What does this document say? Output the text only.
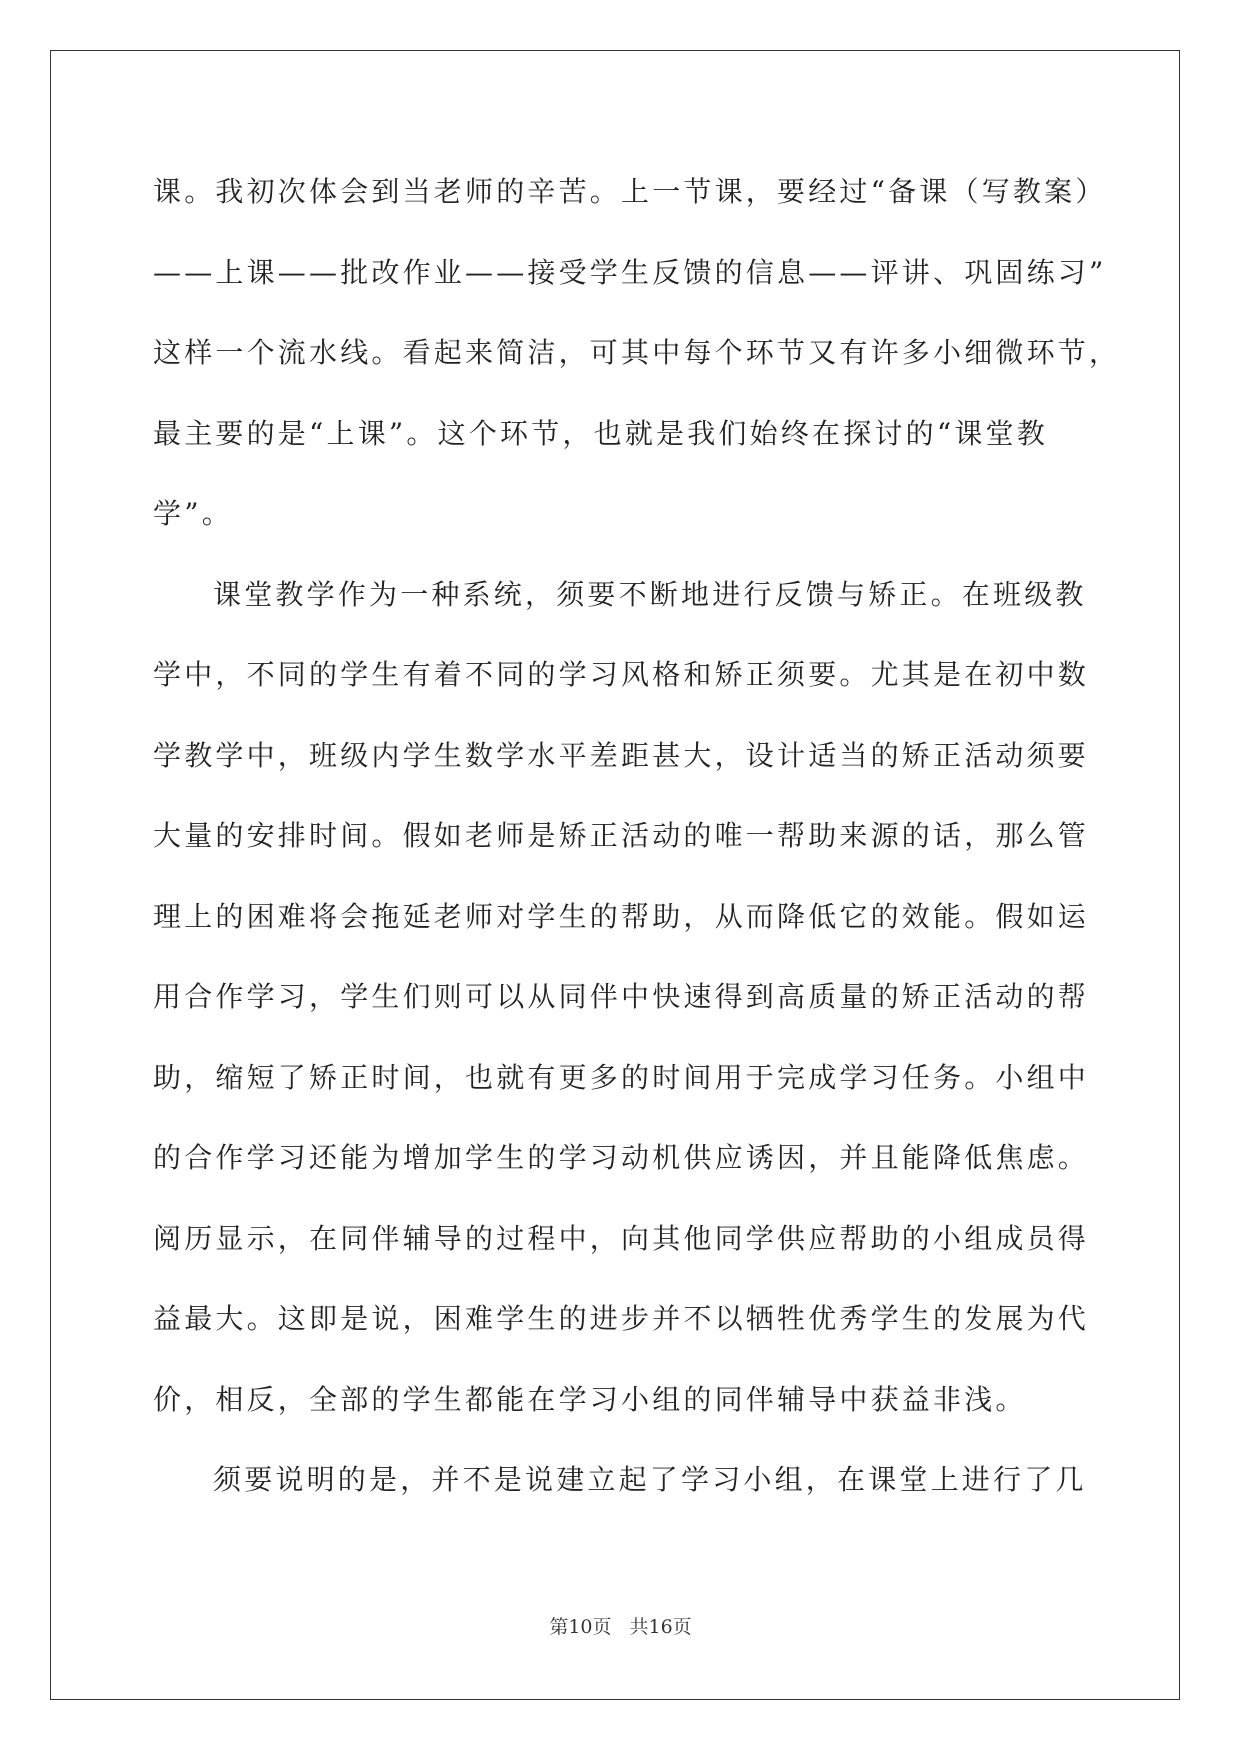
课。我初次体会到当老师的辛苦。上一节课，要经过“备课（写教案）
——上课——批改作业——接受学生反馈的信息——评讲、巩固练习”
这样一个流水线。看起来简洁，可其中每个环节又有许多小细微环节，
最主要的是“上课”。这个环节，也就是我们始终在探讨的“课堂教
学”。
课堂教学作为一种系统，须要不断地进行反馈与矫正。在班级教
学中，不同的学生有着不同的学习风格和矫正须要。尤其是在初中数
学教学中，班级内学生数学水平差距甚大，设计适当的矫正活动须要
大量的安排时间。假如老师是矫正活动的唯一帮助来源的话，那么管
理上的困难将会拖延老师对学生的帮助，从而降低它的效能。假如运
用合作学习，学生们则可以从同伴中快速得到高质量的矫正活动的帮
助，缩短了矫正时间，也就有更多的时间用于完成学习任务。小组中
的合作学习还能为增加学生的学习动机供应诱因，并且能降低焦虑。
阅历显示，在同伴辅导的过程中，向其他同学供应帮助的小组成员得
益最大。这即是说，困难学生的进步并不以牺牲优秀学生的发展为代
价，相反，全部的学生都能在学习小组的同伴辅导中获益非浅。
须要说明的是，并不是说建立起了学习小组，在课堂上进行了几
第10页 共16页
